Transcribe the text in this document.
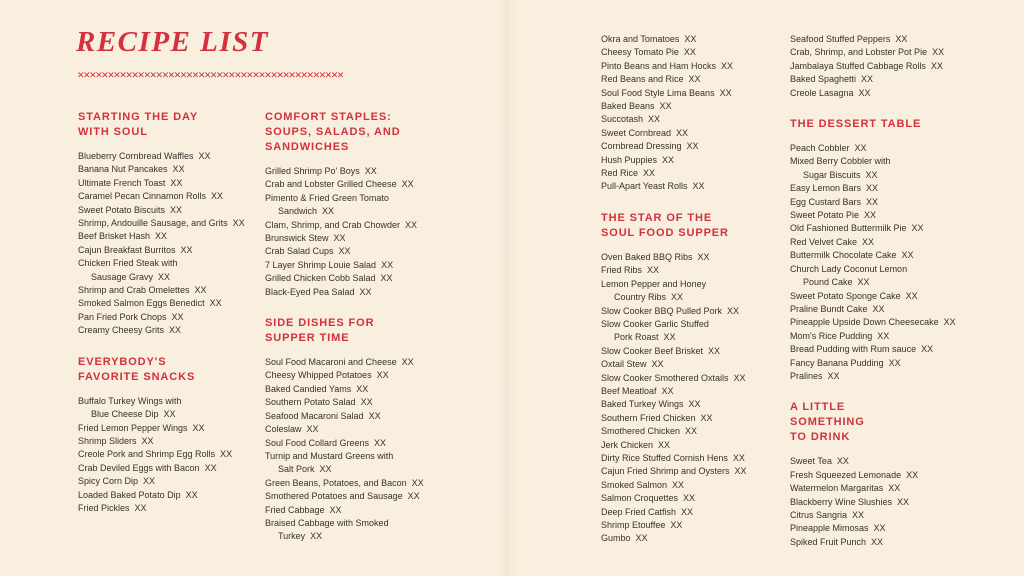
RECIPE LIST
✕✕✕✕✕✕✕✕✕✕✕✕✕✕✕✕✕✕✕✕✕✕✕✕✕✕✕✕✕✕✕✕✕✕✕✕✕✕✕✕✕✕✕✕
STARTING THE DAY
WITH SOUL
Blueberry Cornbread Waffles  XX
Banana Nut Pancakes  XX
Ultimate French Toast  XX
Caramel Pecan Cinnamon Rolls  XX
Sweet Potato Biscuits  XX
Shrimp, Andouille Sausage, and Grits  XX
Beef Brisket Hash  XX
Cajun Breakfast Burritos  XX
Chicken Fried Steak with
Sausage Gravy  XX
Shrimp and Crab Omelettes  XX
Smoked Salmon Eggs Benedict  XX
Pan Fried Pork Chops  XX
Creamy Cheesy Grits  XX
EVERYBODY'S
FAVORITE SNACKS
Buffalo Turkey Wings with
Blue Cheese Dip  XX
Fried Lemon Pepper Wings  XX
Shrimp Sliders  XX
Creole Pork and Shrimp Egg Rolls  XX
Crab Deviled Eggs with Bacon  XX
Spicy Corn Dip  XX
Loaded Baked Potato Dip  XX
Fried Pickles  XX
COMFORT STAPLES:
SOUPS, SALADS, AND
SANDWICHES
Grilled Shrimp Po' Boys  XX
Crab and Lobster Grilled Cheese  XX
Pimento & Fried Green Tomato
Sandwich  XX
Clam, Shrimp, and Crab Chowder  XX
Brunswick Stew  XX
Crab Salad Cups  XX
7 Layer Shrimp Louie Salad  XX
Grilled Chicken Cobb Salad  XX
Black-Eyed Pea Salad  XX
SIDE DISHES FOR
SUPPER TIME
Soul Food Macaroni and Cheese  XX
Cheesy Whipped Potatoes  XX
Baked Candied Yams  XX
Southern Potato Salad  XX
Seafood Macaroni Salad  XX
Coleslaw  XX
Soul Food Collard Greens  XX
Turnip and Mustard Greens with
Salt Pork  XX
Green Beans, Potatoes, and Bacon  XX
Smothered Potatoes and Sausage  XX
Fried Cabbage  XX
Braised Cabbage with Smoked
Turkey  XX
Okra and Tomatoes  XX
Cheesy Tomato Pie  XX
Pinto Beans and Ham Hocks  XX
Red Beans and Rice  XX
Soul Food Style Lima Beans  XX
Baked Beans  XX
Succotash  XX
Sweet Cornbread  XX
Cornbread Dressing  XX
Hush Puppies  XX
Red Rice  XX
Pull-Apart Yeast Rolls  XX
THE STAR OF THE
SOUL FOOD SUPPER
Oven Baked BBQ Ribs  XX
Fried Ribs  XX
Lemon Pepper and Honey
Country Ribs  XX
Slow Cooker BBQ Pulled Pork  XX
Slow Cooker Garlic Stuffed
Pork Roast  XX
Slow Cooker Beef Brisket  XX
Oxtail Stew  XX
Slow Cooker Smothered Oxtails  XX
Beef Meatloaf  XX
Baked Turkey Wings  XX
Southern Fried Chicken  XX
Smothered Chicken  XX
Jerk Chicken  XX
Dirty Rice Stuffed Cornish Hens  XX
Cajun Fried Shrimp and Oysters  XX
Smoked Salmon  XX
Salmon Croquettes  XX
Deep Fried Catfish  XX
Shrimp Etouffee  XX
Gumbo  XX
Seafood Stuffed Peppers  XX
Crab, Shrimp, and Lobster Pot Pie  XX
Jambalaya Stuffed Cabbage Rolls  XX
Baked Spaghetti  XX
Creole Lasagna  XX
THE DESSERT TABLE
Peach Cobbler  XX
Mixed Berry Cobbler with
Sugar Biscuits  XX
Easy Lemon Bars  XX
Egg Custard Bars  XX
Sweet Potato Pie  XX
Old Fashioned Buttermilk Pie  XX
Red Velvet Cake  XX
Buttermilk Chocolate Cake  XX
Church Lady Coconut Lemon
Pound Cake  XX
Sweet Potato Sponge Cake  XX
Praline Bundt Cake  XX
Pineapple Upside Down Cheesecake  XX
Mom's Rice Pudding  XX
Bread Pudding with Rum sauce  XX
Fancy Banana Pudding  XX
Pralines  XX
A LITTLE
SOMETHING
TO DRINK
Sweet Tea  XX
Fresh Squeezed Lemonade  XX
Watermelon Margaritas  XX
Blackberry Wine Slushies  XX
Citrus Sangria  XX
Pineapple Mimosas  XX
Spiked Fruit Punch  XX
